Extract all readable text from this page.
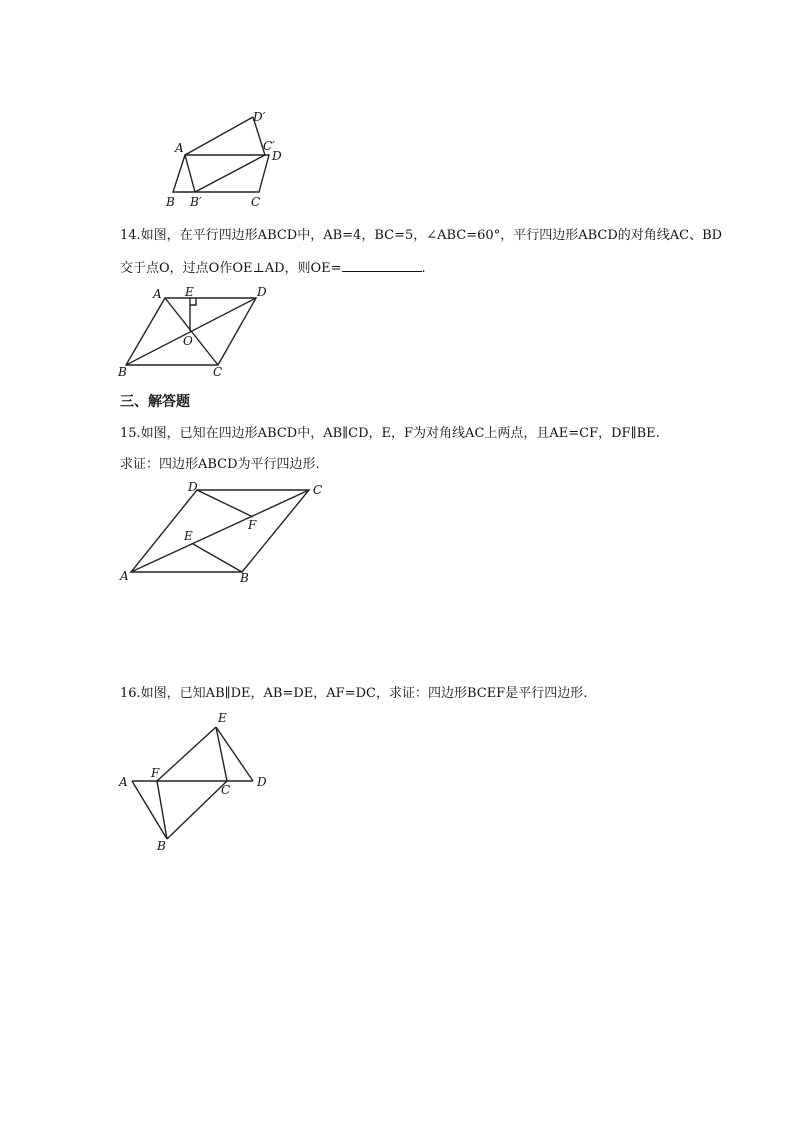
A
B B′	C
C′
D
D′
14.如图，在平行四边形ABCD中，AB=4，BC=5，∠ABC=60°，平行四边形ABCD的对角线AC、BD
交于点O，过点O作OE⊥AD，则OE=	.
A E	D
O
B	C
三、解答题
15.如图，已知在四边形ABCD中，AB∥CD，E，F为对角线AC上两点，且AE=CF，DF∥BE.
求证：四边形ABCD为平行四边形.
D	C
F
E
A	B
16.如图，已知AB∥DE，AB=DE，AF=DC，求证：四边形BCEF是平行四边形.
E
A
F
C
D
B
